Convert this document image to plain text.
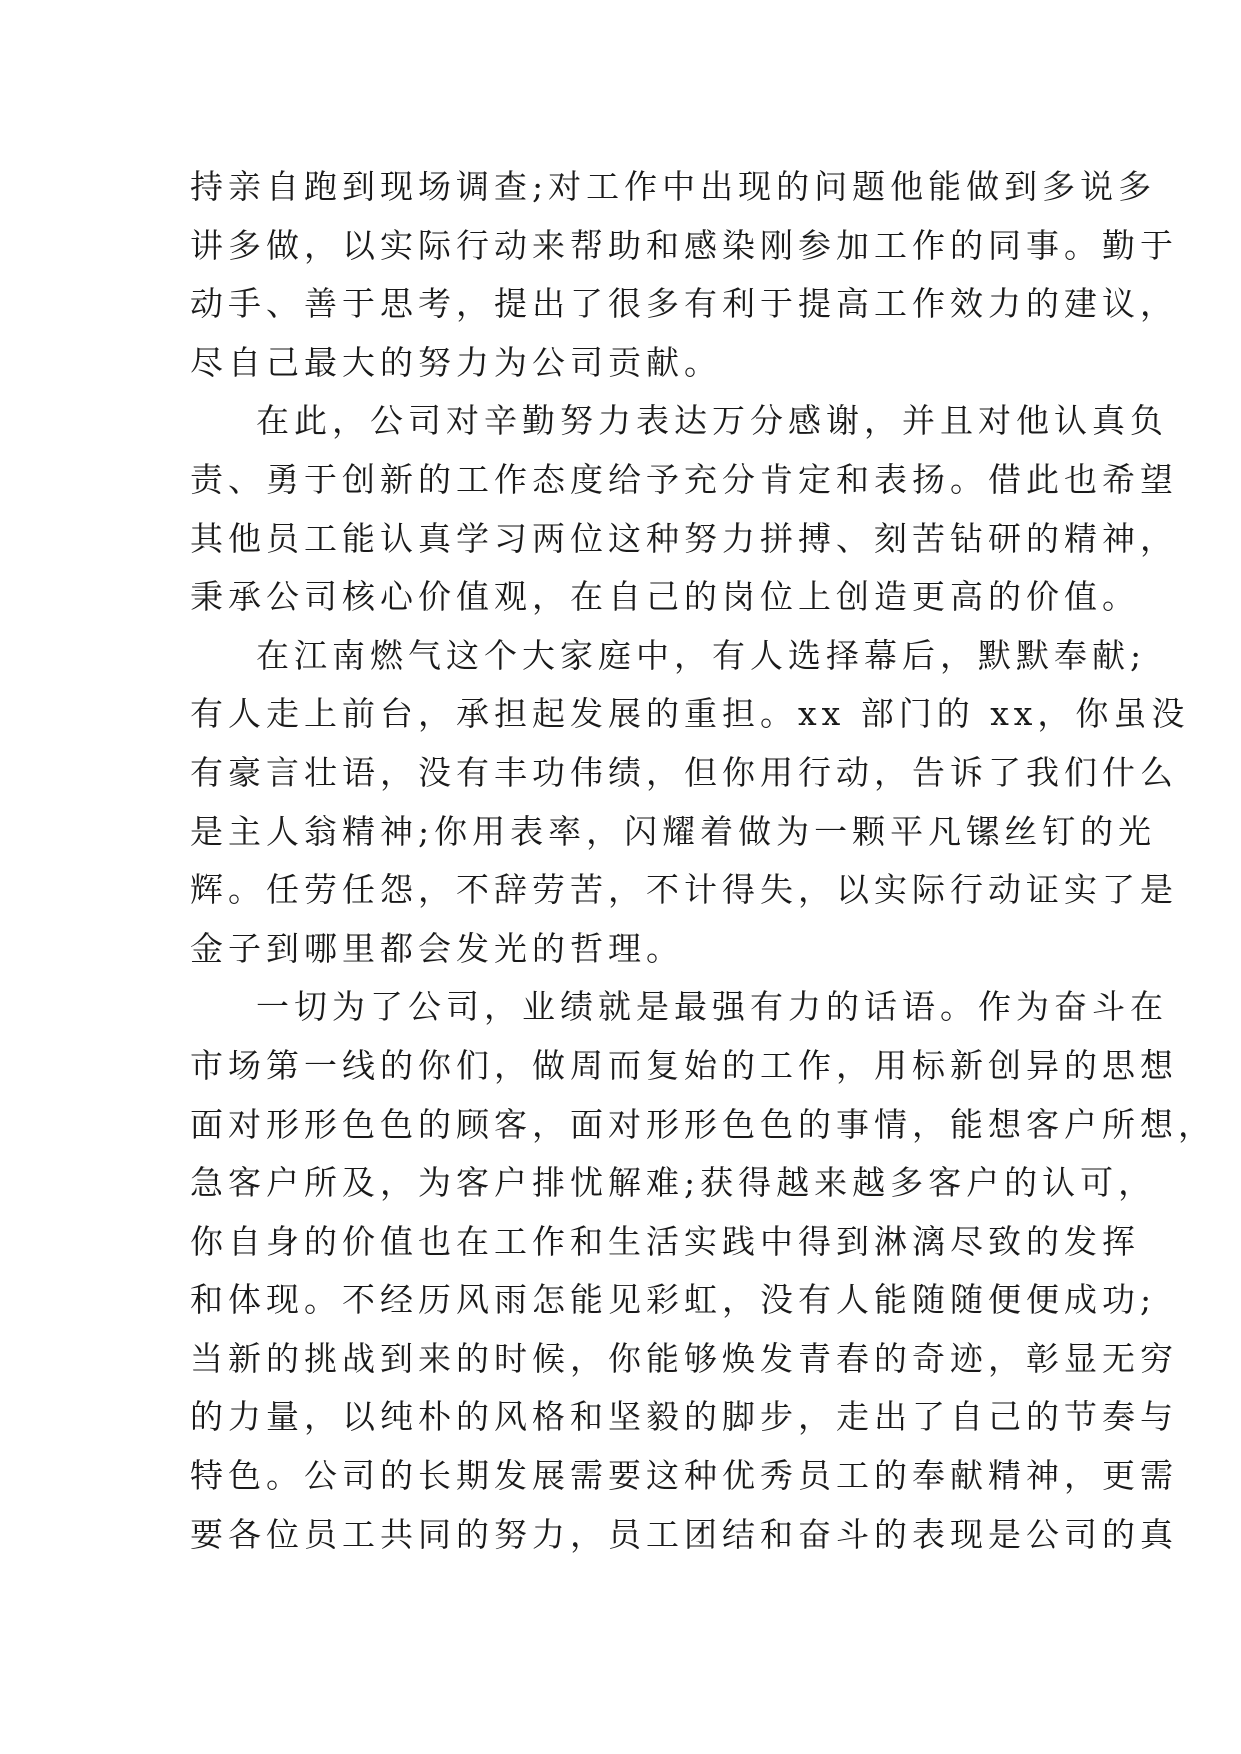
持亲自跑到现场调查;对工作中出现的问题他能做到多说多
讲多做，以实际行动来帮助和感染刚参加工作的同事。勤于
动手、善于思考，提出了很多有利于提高工作效力的建议，
尽自己最大的努力为公司贡献。
在此，公司对辛勤努力表达万分感谢，并且对他认真负
责、勇于创新的工作态度给予充分肯定和表扬。借此也希望
其他员工能认真学习两位这种努力拼搏、刻苦钻研的精神，
秉承公司核心价值观，在自己的岗位上创造更高的价值。
在江南燃气这个大家庭中，有人选择幕后，默默奉献;
有人走上前台，承担起发展的重担。xx 部门的 xx，你虽没
有豪言壮语，没有丰功伟绩，但你用行动，告诉了我们什么
是主人翁精神;你用表率，闪耀着做为一颗平凡镙丝钉的光
辉。任劳任怨，不辞劳苦，不计得失，以实际行动证实了是
金子到哪里都会发光的哲理。
一切为了公司，业绩就是最强有力的话语。作为奋斗在
市场第一线的你们，做周而复始的工作，用标新创异的思想
面对形形色色的顾客，面对形形色色的事情，能想客户所想，
急客户所及，为客户排忧解难;获得越来越多客户的认可，
你自身的价值也在工作和生活实践中得到淋漓尽致的发挥
和体现。不经历风雨怎能见彩虹，没有人能随随便便成功;
当新的挑战到来的时候，你能够焕发青春的奇迹，彰显无穷
的力量，以纯朴的风格和坚毅的脚步，走出了自己的节奏与
特色。公司的长期发展需要这种优秀员工的奉献精神，更需
要各位员工共同的努力，员工团结和奋斗的表现是公司的真
